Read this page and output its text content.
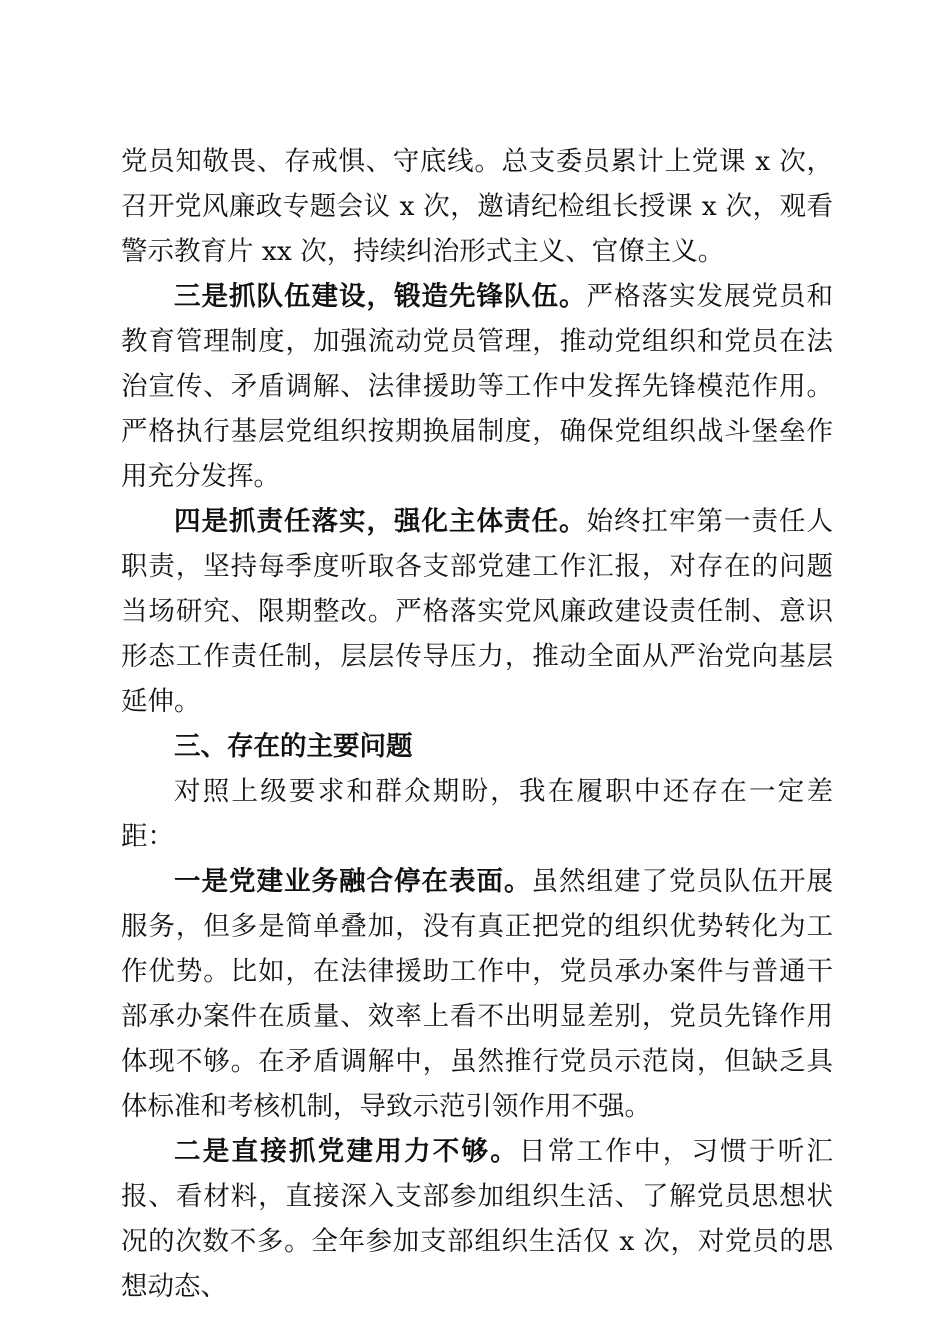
党员知敬畏、存戒惧、守底线。总支委员累计上党课 x 次，召开党风廉政专题会议 x 次，邀请纪检组长授课 x 次，观看警示教育片 xx 次，持续纠治形式主义、官僚主义。

三是抓队伍建设，锻造先锋队伍。严格落实发展党员和教育管理制度，加强流动党员管理，推动党组织和党员在法治宣传、矛盾调解、法律援助等工作中发挥先锋模范作用。严格执行基层党组织按期换届制度，确保党组织战斗堡垒作用充分发挥。

四是抓责任落实，强化主体责任。始终扛牢第一责任人职责，坚持每季度听取各支部党建工作汇报，对存在的问题当场研究、限期整改。严格落实党风廉政建设责任制、意识形态工作责任制，层层传导压力，推动全面从严治党向基层延伸。

三、存在的主要问题

对照上级要求和群众期盼，我在履职中还存在一定差距：

一是党建业务融合停在表面。虽然组建了党员队伍开展服务，但多是简单叠加，没有真正把党的组织优势转化为工作优势。比如，在法律援助工作中，党员承办案件与普通干部承办案件在质量、效率上看不出明显差别，党员先锋作用体现不够。在矛盾调解中，虽然推行党员示范岗，但缺乏具体标准和考核机制，导致示范引领作用不强。

二是直接抓党建用力不够。日常工作中，习惯于听汇报、看材料，直接深入支部参加组织生活、了解党员思想状况的次数不多。全年参加支部组织生活仅 x 次，对党员的思想动态、
